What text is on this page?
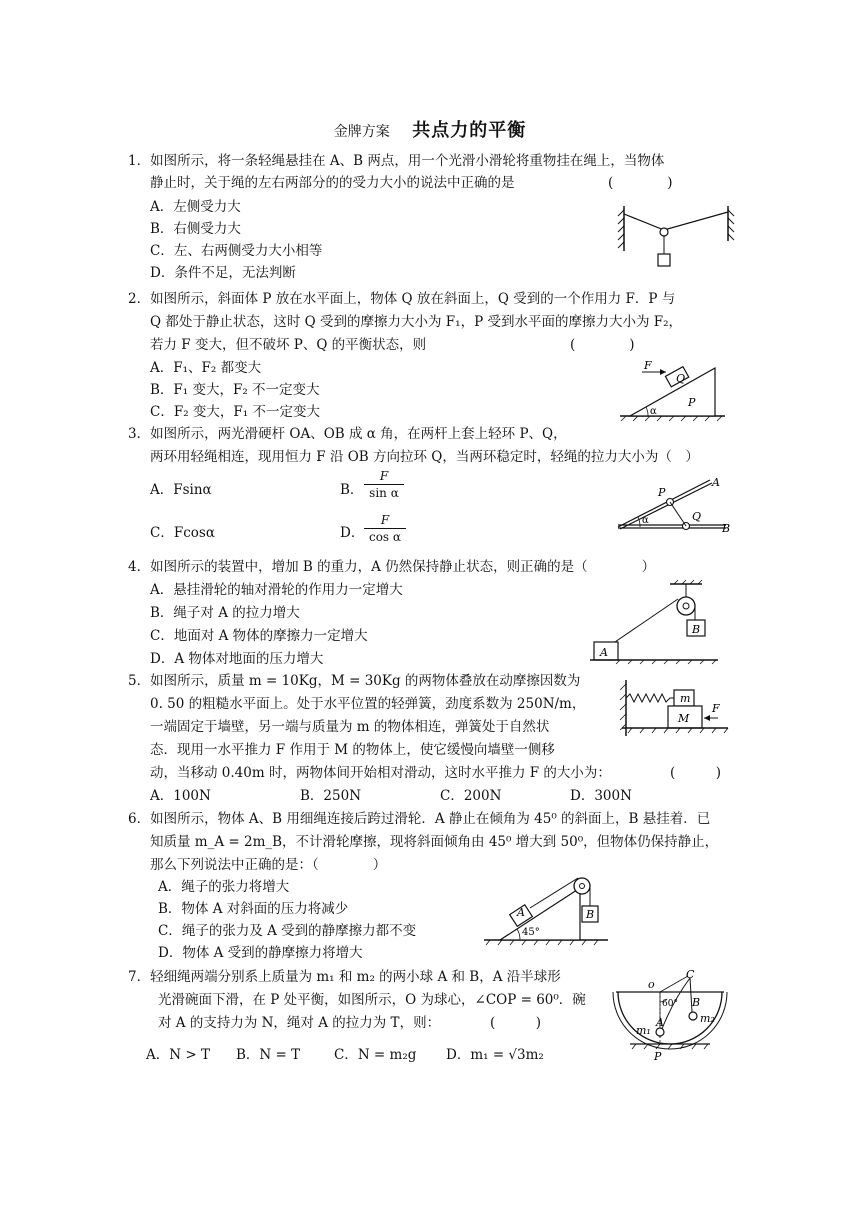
金牌方案 共点力的平衡
1．如图所示，将一条轻绳悬挂在 A、B 两点，用一个光滑小滑轮将重物挂在绳上，当物体
静止时，关于绳的左右两部分的的受力大小的说法中正确的是	(　　　　)
A．左侧受力大
B．右侧受力大
C．左、右两侧受力大小相等
D．条件不足，无法判断
2．如图所示，斜面体 P 放在水平面上，物体 Q 放在斜面上，Q 受到的一个作用力 F．P 与
Q 都处于静止状态，这时 Q 受到的摩擦力大小为 F₁，P 受到水平面的摩擦力大小为 F₂，
若力 F 变大，但不破坏 P、Q 的平衡状态，则	(　　　　)
A．F₁、F₂ 都变大
B．F₁ 变大，F₂ 不一定变大
C．F₂ 变大，F₁ 不一定变大
F
Q
P
α
3．如图所示，两光滑硬杆 OA、OB 成 α 角，在两杆上套上轻环 P、Q，
两环用轻绳相连，现用恒力 F 沿 OB 方向拉环 Q，当两环稳定时，轻绳的拉力大小为（　）
A．Fsinα	B．
F
sin α
C．Fcosα	D．
F
cos α
α
P
A
Q
B
4．如图所示的装置中，增加 B 的重力，A 仍然保持静止状态，则正确的是（　　　　）
A．悬挂滑轮的轴对滑轮的作用力一定增大
B．绳子对 A 的拉力增大
C．地面对 A 物体的摩擦力一定增大
D．A 物体对地面的压力增大	A
B
5．如图所示，质量 m = 10Kg，M = 30Kg 的两物体叠放在动摩擦因数为
0. 50 的粗糙水平面上。处于水平位置的轻弹簧，劲度系数为 250N/m，
一端固定于墙壁，另一端与质量为 m 的物体相连，弹簧处于自然状
态．现用一水平推力 F 作用于 M 的物体上，使它缓慢向墙壁一侧移
动，当移动 0.40m 时，两物体间开始相对滑动，这时水平推力 F 的大小为：	(　　　)
A．100N	B．250N	C．200N	D．300N
m
M
F
6．如图所示，物体 A、B 用细绳连接后跨过滑轮．A 静止在倾角为 45⁰ 的斜面上，B 悬挂着．已
知质量 m_A = 2m_B，不计滑轮摩擦，现将斜面倾角由 45⁰ 增大到 50⁰，但物体仍保持静止，
那么下列说法中正确的是：（　　　　）
A．绳子的张力将增大
B．物体 A 对斜面的压力将减少
C．绳子的张力及 A 受到的静摩擦力都不变
D．物体 A 受到的静摩擦力将增大
A	B
45°
7．轻细绳两端分别系上质量为 m₁ 和 m₂ 的两小球 A 和 B，A 沿半球形
光滑碗面下滑，在 P 处平衡，如图所示，O 为球心，∠COP = 60⁰．碗
对 A 的支持力为 N，绳对 A 的拉力为 T，则：	(　　　)
A．N > T B．N = T	C．N = m₂g D．m₁ = √3m₂
o
C
60° B
A
m₁
m₂
P
